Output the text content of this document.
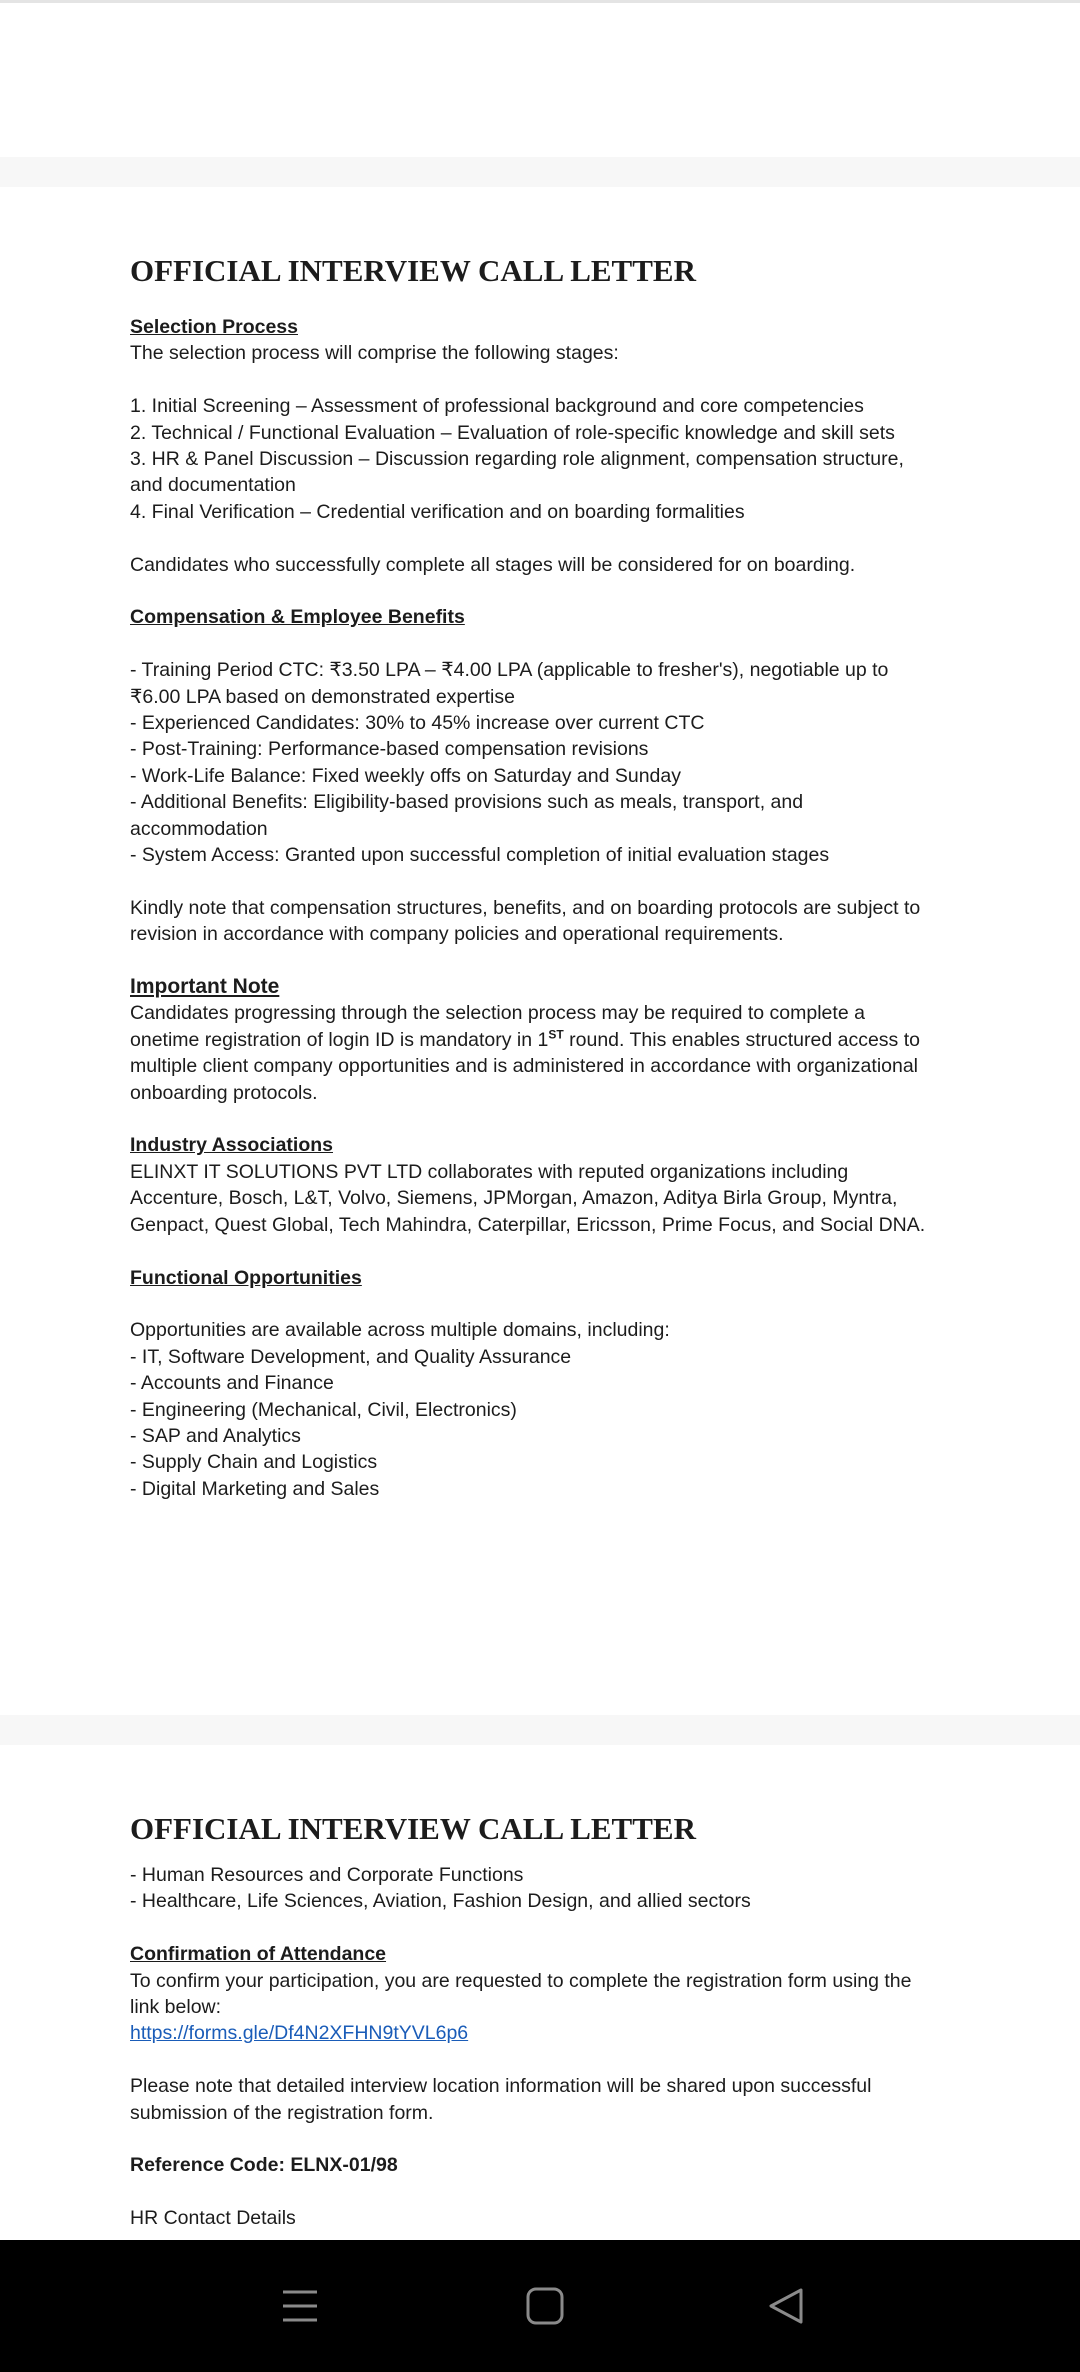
OFFICIAL INTERVIEW CALL LETTER
Selection Process
The selection process will comprise the following stages:
1. Initial Screening – Assessment of professional background and core competencies
2. Technical / Functional Evaluation – Evaluation of role-specific knowledge and skill sets
3. HR & Panel Discussion – Discussion regarding role alignment, compensation structure,
and documentation
4. Final Verification – Credential verification and on boarding formalities
Candidates who successfully complete all stages will be considered for on boarding.
Compensation & Employee Benefits
- Training Period CTC: ₹3.50 LPA – ₹4.00 LPA (applicable to fresher's), negotiable up to
₹6.00 LPA based on demonstrated expertise
- Experienced Candidates: 30% to 45% increase over current CTC
- Post-Training: Performance-based compensation revisions
- Work-Life Balance: Fixed weekly offs on Saturday and Sunday
- Additional Benefits: Eligibility-based provisions such as meals, transport, and
accommodation
- System Access: Granted upon successful completion of initial evaluation stages
Kindly note that compensation structures, benefits, and on boarding protocols are subject to
revision in accordance with company policies and operational requirements.
Important Note
Candidates progressing through the selection process may be required to complete a
onetime registration of login ID is mandatory in 1ST round. This enables structured access to
multiple client company opportunities and is administered in accordance with organizational
onboarding protocols.
Industry Associations
ELINXT IT SOLUTIONS PVT LTD collaborates with reputed organizations including
Accenture, Bosch, L&T, Volvo, Siemens, JPMorgan, Amazon, Aditya Birla Group, Myntra,
Genpact, Quest Global, Tech Mahindra, Caterpillar, Ericsson, Prime Focus, and Social DNA.
Functional Opportunities
Opportunities are available across multiple domains, including:
- IT, Software Development, and Quality Assurance
- Accounts and Finance
- Engineering (Mechanical, Civil, Electronics)
- SAP and Analytics
- Supply Chain and Logistics
- Digital Marketing and Sales
OFFICIAL INTERVIEW CALL LETTER
- Human Resources and Corporate Functions
- Healthcare, Life Sciences, Aviation, Fashion Design, and allied sectors
Confirmation of Attendance
To confirm your participation, you are requested to complete the registration form using the
link below:
https://forms.gle/Df4N2XFHN9tYVL6p6
Please note that detailed interview location information will be shared upon successful
submission of the registration form.
Reference Code: ELNX-01/98
HR Contact Details
